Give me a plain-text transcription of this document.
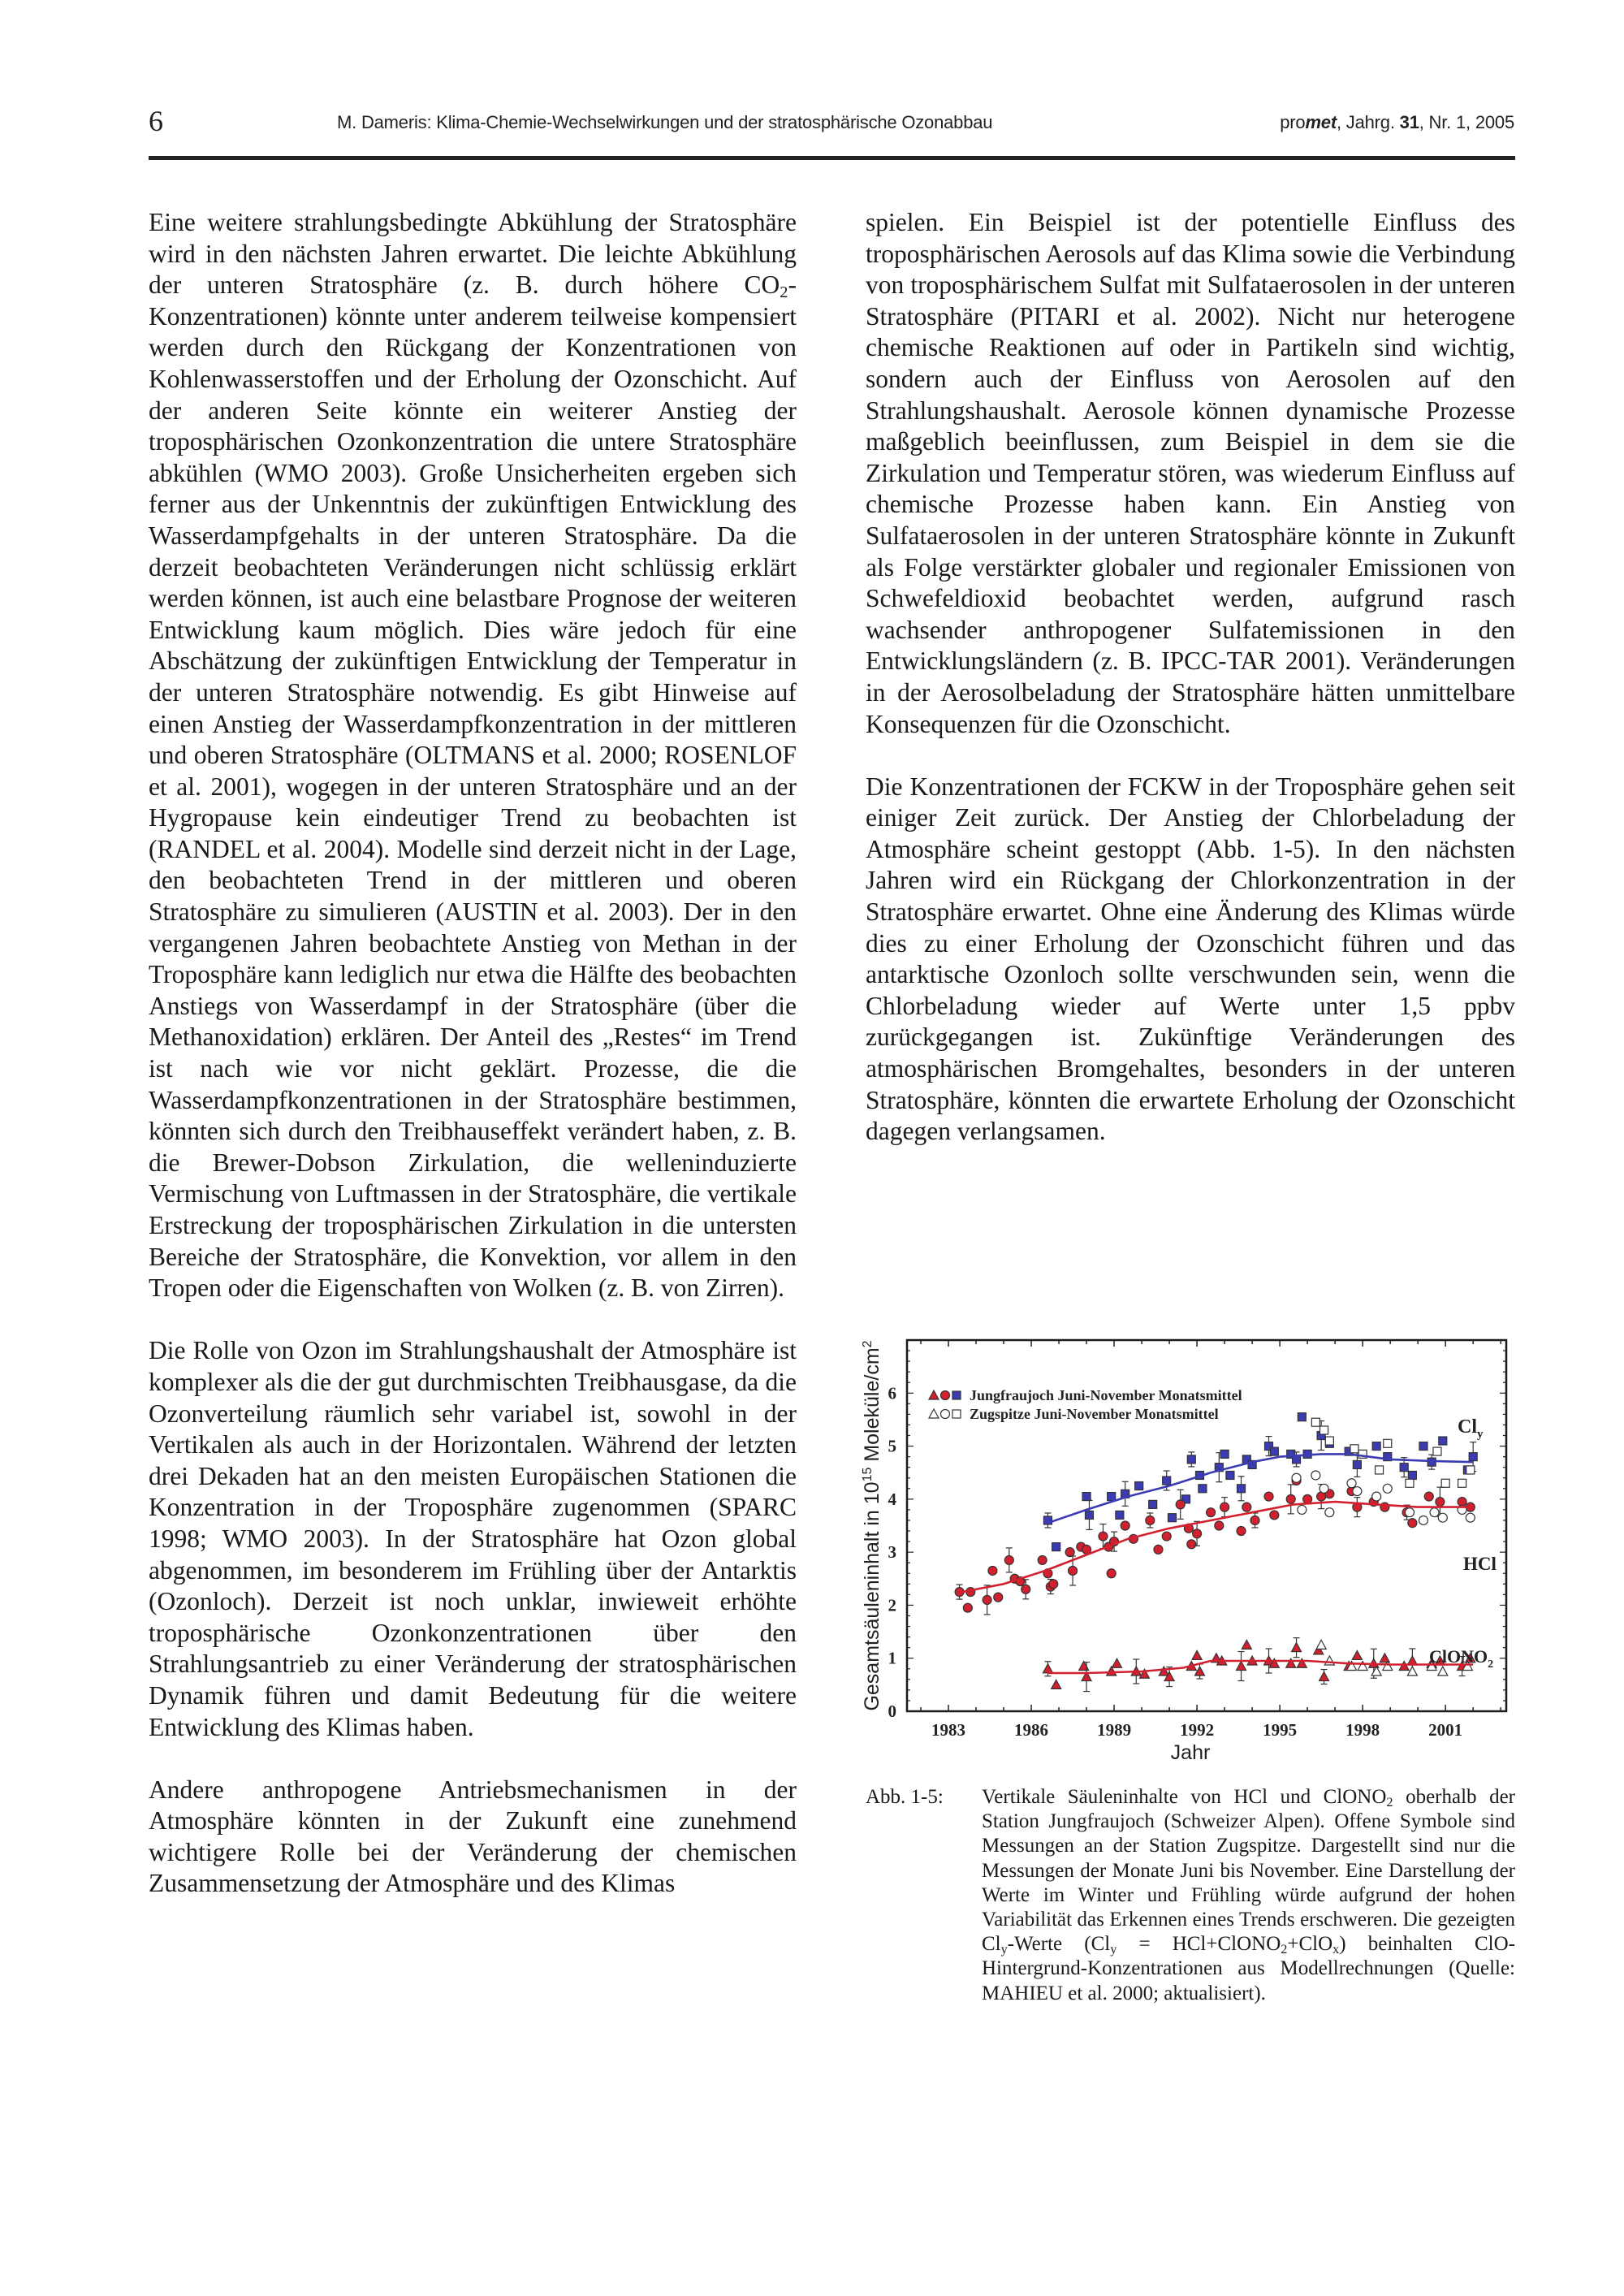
6	M. Dameris: Klima-Chemie-Wechselwirkungen und der stratosphärische Ozonabbau	promet, Jahrg. 31, Nr. 1, 2005

Eine weitere strahlungsbedingte Abkühlung der Stratosphäre wird in den nächsten Jahren erwartet. Die leichte Abkühlung der unteren Stratosphäre (z. B. durch höhere $CO_2-Konzentrationen$) könnte unter anderem teilweise kompensiert werden durch den Rückgang der Konzentrationen von Kohlenwasserstoffen und der Erholung der Ozonschicht. Auf der anderen Seite könnte ein weiterer Anstieg der troposphärischen Ozonkonzentration die untere Stratosphäre abkühlen (WMO 2003). Große Unsicherheiten ergeben sich ferner aus der Unkenntnis der zukünftigen Entwicklung des Wasserdampfgehalts in der unteren Stratosphäre. Da die derzeit beobachteten Veränderungen nicht schlüssig erklärt werden können, ist auch eine belastbare Prognose der weiteren Entwicklung kaum möglich. Dies wäre jedoch für eine Abschätzung der zukünftigen Entwicklung der Temperatur in der unteren Stratosphäre notwendig. Es gibt Hinweise auf einen Anstieg der Wasserdampfkonzentration in der mittleren und oberen Stratosphäre (OLTMANS et al. 2000; ROSENLOF et al. 2001), wogegen in der unteren Stratosphäre und an der Hygropause kein eindeutiger Trend zu beobachten ist (RANDEL et al. 2004). Modelle sind derzeit nicht in der Lage, den beobachteten Trend in der mittleren und oberen Stratosphäre zu simulieren (AUSTIN et al. 2003). Der in den vergangenen Jahren beobachtete Anstieg von Methan in der Troposphäre kann lediglich nur etwa die Hälfte des beobachten Anstiegs von Wasserdampf in der Stratosphäre (über die Methanoxidation) erklären. Der Anteil des „Restes“ im Trend ist nach wie vor nicht geklärt. Prozesse, die die Wasserdampfkonzentrationen in der Stratosphäre bestimmen, könnten sich durch den Treibhauseffekt verändert haben, z. B. die Brewer-Dobson Zirkulation, die welleninduzierte Vermischung von Luftmassen in der Stratosphäre, die vertikale Erstreckung der troposphärischen Zirkulation in die untersten Bereiche der Stratosphäre, die Konvektion, vor allem in den Tropen oder die Eigenschaften von Wolken (z. B. von Zirren).

Die Rolle von Ozon im Strahlungshaushalt der Atmosphäre ist komplexer als die der gut durchmischten Treibhausgase, da die Ozonverteilung räumlich sehr variabel ist, sowohl in der Vertikalen als auch in der Horizontalen. Während der letzten drei Dekaden hat an den meisten Europäischen Stationen die Konzentration in der Troposphäre zugenommen (SPARC 1998; WMO 2003). In der Stratosphäre hat Ozon global abgenommen, im besonderem im Frühling über der Antarktis (Ozonloch). Derzeit ist noch unklar, inwieweit erhöhte troposphärische Ozonkonzentrationen über den Strahlungsantrieb zu einer Veränderung der stratosphärischen Dynamik führen und damit Bedeutung für die weitere Entwicklung des Klimas haben.

Andere anthropogene Antriebsmechanismen in der Atmosphäre könnten in der Zukunft eine zunehmend wichtigere Rolle bei der Veränderung der chemischen Zusammensetzung der Atmosphäre und des Klimas

spielen. Ein Beispiel ist der potentielle Einfluss des troposphärischen Aerosols auf das Klima sowie die Verbindung von troposphärischem Sulfat mit Sulfataerosolen in der unteren Stratosphäre (PITARI et al. 2002). Nicht nur heterogene chemische Reaktionen auf oder in Partikeln sind wichtig, sondern auch der Einfluss von Aerosolen auf den Strahlungshaushalt. Aerosole können dynamische Prozesse maßgeblich beeinflussen, zum Beispiel in dem sie die Zirkulation und Temperatur stören, was wiederum Einfluss auf chemische Prozesse haben kann. Ein Anstieg von Sulfataerosolen in der unteren Stratosphäre könnte in Zukunft als Folge verstärkter globaler und regionaler Emissionen von Schwefeldioxid beobachtet werden, aufgrund rasch wachsender anthropogener Sulfatemissionen in den Entwicklungsländern (z. B. IPCC-TAR 2001). Veränderungen in der Aerosolbeladung der Stratosphäre hätten unmittelbare Konsequenzen für die Ozonschicht.

Die Konzentrationen der FCKW in der Troposphäre gehen seit einiger Zeit zurück. Der Anstieg der Chlorbeladung der Atmosphäre scheint gestoppt (Abb. 1-5). In den nächsten Jahren wird ein Rückgang der Chlorkonzentration in der Stratosphäre erwartet. Ohne eine Änderung des Klimas würde dies zu einer Erholung der Ozonschicht führen und das antarktische Ozonloch sollte verschwunden sein, wenn die Chlorbeladung wieder auf Werte unter 1,5 ppbv zurückgegangen ist. Zukünftige Veränderungen des atmosphärischen Bromgehaltes, besonders in der unteren Stratosphäre, könnten die erwartete Erholung der Ozonschicht dagegen verlangsamen.

1983	1986	1989	1992	1995	1998	2001
0
1
2
3
4
5
6
Jahr
Gesamtsäuleninhalt in $10^{15}$ Moleküle/$cm^2$
Jungfraujoch Juni-November Monatsmittel
Zugspitze Juni-November Monatsmittel
$Cl_y$
HCl
ClONO$_2$
Abb. 1-5:	Vertikale Säuleninhalte von HCl und ClONO$_2$ oberhalb der Station Jungfraujoch (Schweizer Alpen). Offene Symbole sind Messungen an der Station Zugspitze. Dargestellt sind nur die Messungen der Monate Juni bis November. Eine Darstellung der Werte im Winter und Frühling würde aufgrund der hohen Variabilität das Erkennen eines Trends erschweren. Die gezeigten $Cl_y$-Werte ($Cl_y$ = HCl+ClONO$_2$+ClO$_x$) beinhalten ClO-Hintergrund-Konzentrationen aus Modellrechnungen (Quelle: MAHIEU et al. 2000; aktualisiert).
